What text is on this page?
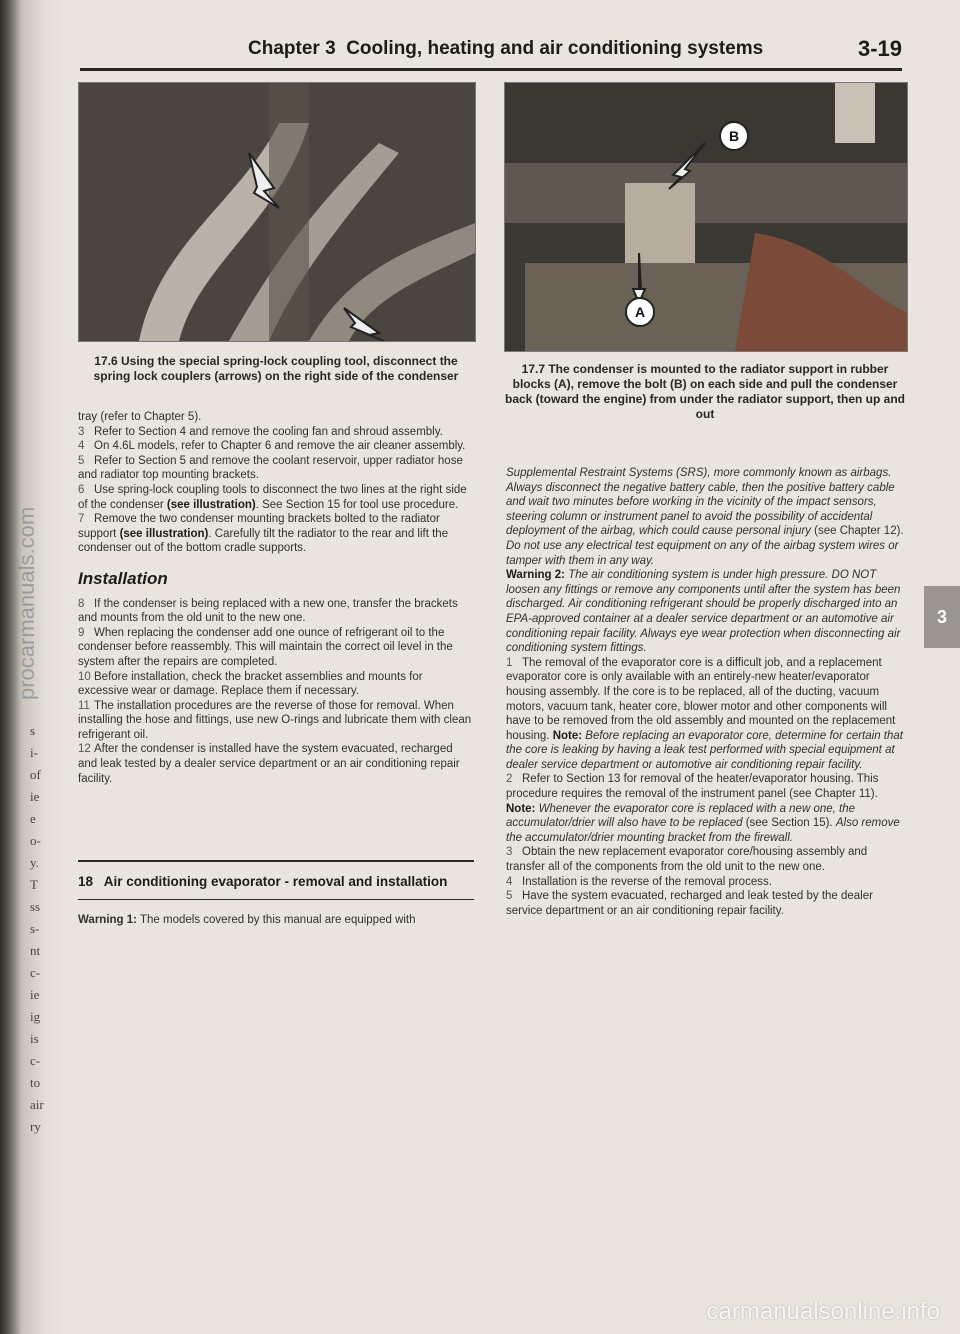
procarmanuals.com
s
i-
of
ie
e
o-
y.
T
ss
s-
nt
c-
ie
ig
is
c-
to
air
ry
Chapter 3 Cooling, heating and air conditioning systems	3-19
17.6 Using the special spring-lock coupling tool, disconnect the spring lock couplers (arrows) on the right side of the condenser
B
A
17.7 The condenser is mounted to the radiator support in rubber blocks (A), remove the bolt (B) on each side and pull the condenser back (toward the engine) from under the radiator support, then up and out

tray (refer to Chapter 5).

3 Refer to Section 4 and remove the cooling fan and shroud assembly.

4 On 4.6L models, refer to Chapter 6 and remove the air cleaner assembly.

5 Refer to Section 5 and remove the coolant reservoir, upper radiator hose and radiator top mounting brackets.

6 Use spring-lock coupling tools to disconnect the two lines at the right side of the condenser (see illustration). See Section 15 for tool use procedure.

7 Remove the two condenser mounting brackets bolted to the radiator support (see illustration). Carefully tilt the radiator to the rear and lift the condenser out of the bottom cradle supports.

Installation

8 If the condenser is being replaced with a new one, transfer the brackets and mounts from the old unit to the new one.

9 When replacing the condenser add one ounce of refrigerant oil to the condenser before reassembly. This will maintain the correct oil level in the system after the repairs are completed.

10 Before installation, check the bracket assemblies and mounts for excessive wear or damage. Replace them if necessary.

11 The installation procedures are the reverse of those for removal. When installing the hose and fittings, use new O-rings and lubricate them with clean refrigerant oil.

12 After the condenser is installed have the system evacuated, recharged and leak tested by a dealer service department or an air conditioning repair facility.

18 Air conditioning evaporator - removal and installation
Warning 1: The models covered by this manual are equipped with

Supplemental Restraint Systems (SRS), more commonly known as airbags. Always disconnect the negative battery cable, then the positive battery cable and wait two minutes before working in the vicinity of the impact sensors, steering column or instrument panel to avoid the possibility of accidental deployment of the airbag, which could cause personal injury (see Chapter 12). Do not use any electrical test equipment on any of the airbag system wires or tamper with them in any way.

Warning 2: The air conditioning system is under high pressure. DO NOT loosen any fittings or remove any components until after the system has been discharged. Air conditioning refrigerant should be properly discharged into an EPA-approved container at a dealer service department or an automotive air conditioning repair facility. Always eye wear protection when disconnecting air conditioning system fittings.

1 The removal of the evaporator core is a difficult job, and a replacement evaporator core is only available with an entirely-new heater/evaporator housing assembly. If the core is to be replaced, all of the ducting, vacuum motors, vacuum tank, heater core, blower motor and other components will have to be removed from the old assembly and mounted on the replacement housing. Note: Before replacing an evaporator core, determine for certain that the core is leaking by having a leak test performed with special equipment at dealer service department or automotive air conditioning repair facility.

2 Refer to Section 13 for removal of the heater/evaporator housing. This procedure requires the removal of the instrument panel (see Chapter 11). Note: Whenever the evaporator core is replaced with a new one, the accumulator/drier will also have to be replaced (see Section 15). Also remove the accumulator/drier mounting bracket from the firewall.

3 Obtain the new replacement evaporator core/housing assembly and transfer all of the components from the old unit to the new one.

4 Installation is the reverse of the removal process.

5 Have the system evacuated, recharged and leak tested by the dealer service department or an air conditioning repair facility.

3
carmanualsonline.info
